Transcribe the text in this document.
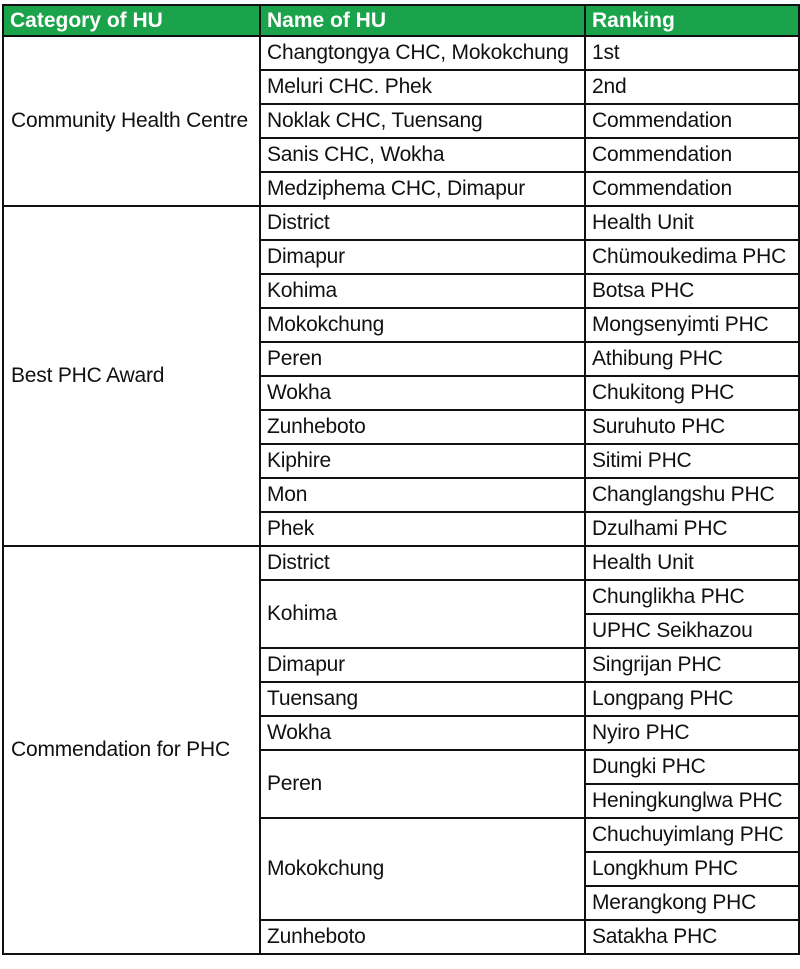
Category of HU	Name of HU	Ranking
Community Health Centre	Changtongya CHC, Mokokchung	1st
	Meluri CHC. Phek	2nd
	Noklak CHC, Tuensang	Commendation
	Sanis CHC, Wokha	Commendation
	Medziphema CHC, Dimapur	Commendation
Best PHC Award	District	Health Unit
	Dimapur	Chümoukedima PHC
	Kohima	Botsa PHC
	Mokokchung	Mongsenyimti PHC
	Peren	Athibung PHC
	Wokha	Chukitong PHC
	Zunheboto	Suruhuto PHC
	Kiphire	Sitimi PHC
	Mon	Changlangshu PHC
	Phek	Dzulhami PHC
Commendation for PHC	District	Health Unit
	Kohima	Chunglikha PHC
		UPHC Seikhazou
	Dimapur	Singrijan PHC
	Tuensang	Longpang PHC
	Wokha	Nyiro PHC
	Peren	Dungki PHC
		Heningkunglwa PHC
	Mokokchung	Chuchuyimlang PHC
		Longkhum PHC
		Merangkong PHC
	Zunheboto	Satakha PHC
